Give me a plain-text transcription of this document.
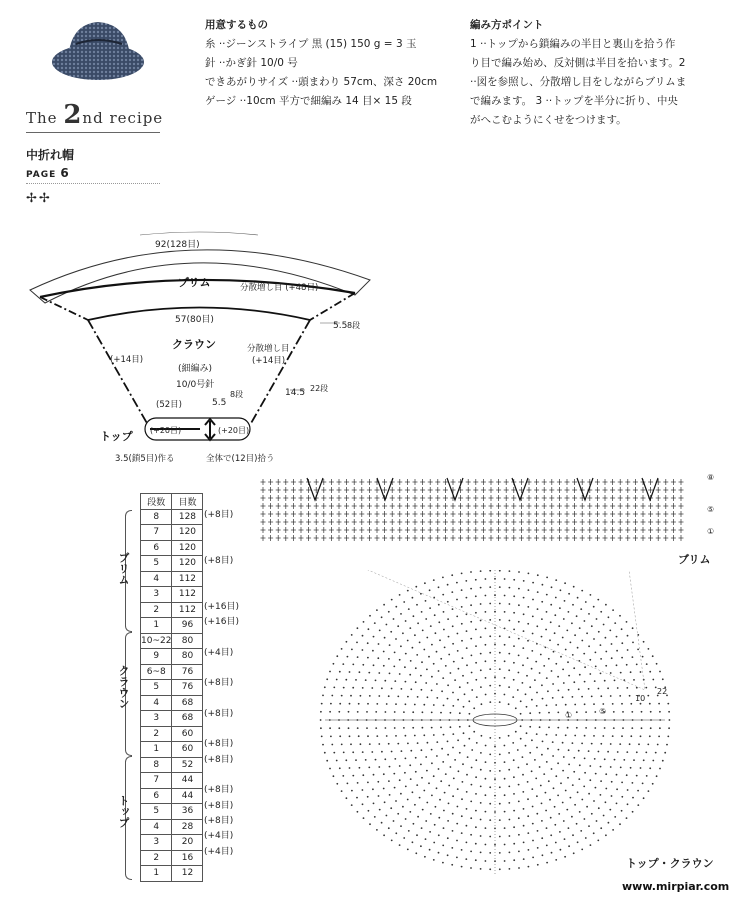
The 2nd recipe
中折れ帽
PAGE 6
✢✢
用意するもの
糸 ··ジーンストライプ 黒 (15) 150 g = 3 玉
針 ··かぎ針 10/0 号
できあがりサイズ ··頭まわり 57cm、深さ 20cm
ゲージ ··10cm 平方で細編み 14 目× 15 段
編み方ポイント
1 ··トップから鎖編みの半目と裏山を拾う作
り目で編み始め、反対側は半目を拾います。2
··図を参照し、分散増し目をしながらブリムま
で編みます。 3 ··トップを半分に折り、中央
がへこむようにくせをつけます。
92(128目)
ブリム	分散増し目 (+48目)
57(80目)
5.5 8段
クラウン
(細編み)
10/0号針
(+14目)
分散増し目
(+14目)
14.5 22段
(52目)	5.5
8段
(+20目)	(+20目)
トップ
3.5(鎖5目)作る	全体で(12目)拾う
段数	目数
8	128
7	120
6	120
5	120
4	112
3	112
2	112
1	96
10~22	80
9	80
6~8	76
5	76
4	68
3	68
2	60
1	60
8	52
7	44
6	44
5	36
4	28
3	20
2	16
1	12
(+8目)
(+8目)
(+16目)
(+16目)
(+4目)
(+8目)
(+8目)
(+8目)
(+8目)
(+8目)
(+8目)
(+8目)
(+4目)
(+4目)
ブリム
クラウン
トップ
⑧
⑤
①
ブリム
22
10
⑤
①
トップ・クラウン
www.mirpiar.com
